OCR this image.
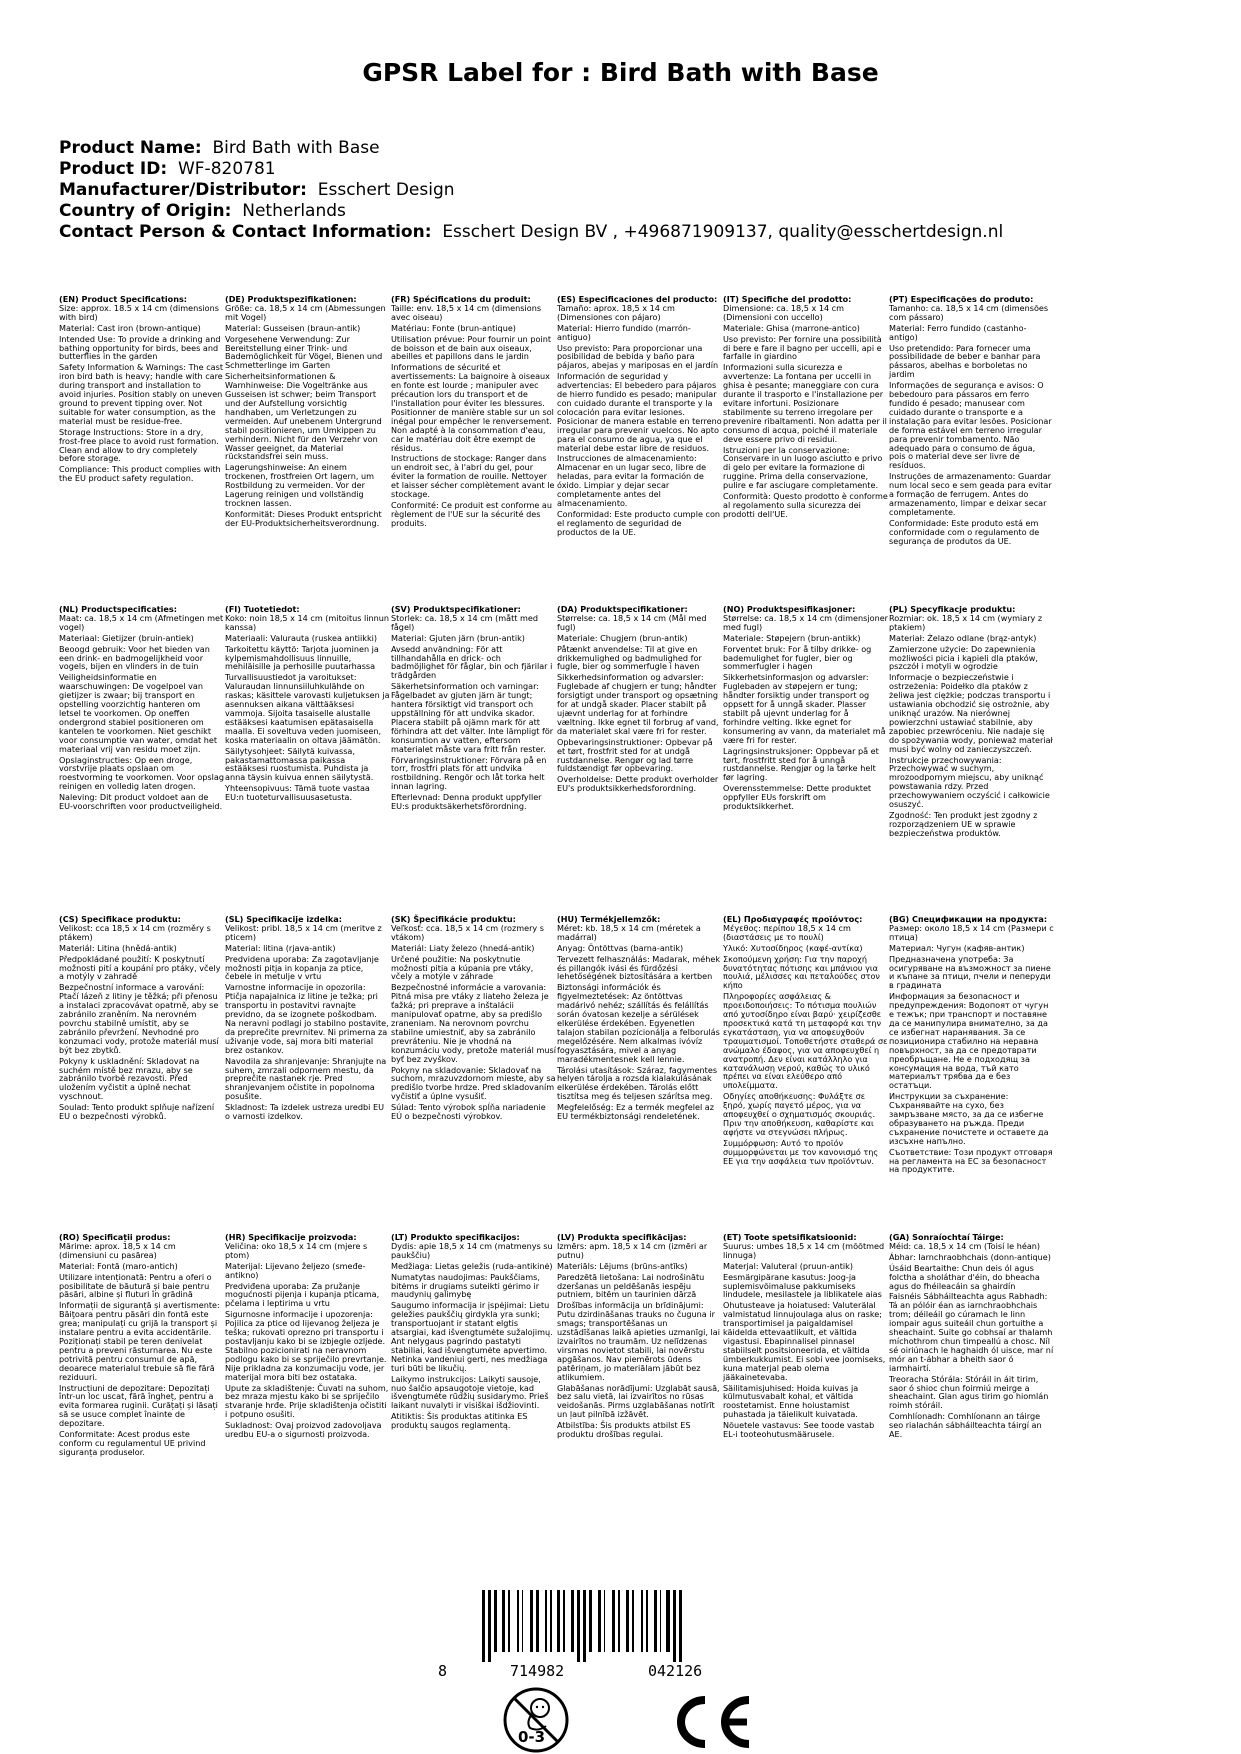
GPSR Label for : Bird Bath with Base
Product Name: Bird Bath with Base
Product ID: WF-820781
Manufacturer/Distributor: Esschert Design
Country of Origin: Netherlands
Contact Person & Contact Information: Esschert Design BV , +496871909137, quality@esschertdesign.nl
(EN) Product Specifications:
Size: approx. 18.5 x 14 cm (dimensions with bird)
Material: Cast iron (brown-antique)
Intended Use: To provide a drinking and bathing opportunity for birds, bees and butterflies in the garden
Safety Information & Warnings: The cast iron bird bath is heavy; handle with care during transport and installation to avoid injuries. Position stably on uneven ground to prevent tipping over. Not suitable for water consumption, as the material must be residue-free.
Storage Instructions: Store in a dry, frost-free place to avoid rust formation. Clean and allow to dry completely before storage.
Compliance: This product complies with the EU product safety regulation.
(DE) Produktspezifikationen:
Größe: ca. 18,5 x 14 cm (Abmessungen mit Vogel)
Material: Gusseisen (braun-antik)
Vorgesehene Verwendung: Zur Bereitstellung einer Trink- und Bademöglichkeit für Vögel, Bienen und Schmetterlinge im Garten
Sicherheitsinformationen & Warnhinweise: Die Vogeltränke aus Gusseisen ist schwer; beim Transport und der Aufstellung vorsichtig handhaben, um Verletzungen zu vermeiden. Auf unebenem Untergrund stabil positionieren, um Umkippen zu verhindern. Nicht für den Verzehr von Wasser geeignet, da Material rückstandsfrei sein muss.
Lagerungshinweise: An einem trockenen, frostfreien Ort lagern, um Rostbildung zu vermeiden. Vor der Lagerung reinigen und vollständig trocknen lassen.
Konformität: Dieses Produkt entspricht der EU-Produktsicherheitsverordnung.
(FR) Spécifications du produit:
Taille: env. 18,5 x 14 cm (dimensions avec oiseau)
Matériau: Fonte (brun-antique)
Utilisation prévue: Pour fournir un point de boisson et de bain aux oiseaux, abeilles et papillons dans le jardin
Informations de sécurité et avertissements: La baignoire à oiseaux en fonte est lourde ; manipuler avec précaution lors du transport et de l'installation pour éviter les blessures. Positionner de manière stable sur un sol inégal pour empêcher le renversement. Non adapté à la consommation d'eau, car le matériau doit être exempt de résidus.
Instructions de stockage: Ranger dans un endroit sec, à l'abri du gel, pour éviter la formation de rouille. Nettoyer et laisser sécher complètement avant le stockage.
Conformité: Ce produit est conforme au règlement de l'UE sur la sécurité des produits.
(ES) Especificaciones del producto:
Tamaño: aprox. 18,5 x 14 cm (Dimensiones con pájaro)
Material: Hierro fundido (marrón-antiguo)
Uso previsto: Para proporcionar una posibilidad de bebida y baño para pájaros, abejas y mariposas en el jardín
Información de seguridad y advertencias: El bebedero para pájaros de hierro fundido es pesado; manipular con cuidado durante el transporte y la colocación para evitar lesiones. Posicionar de manera estable en terreno irregular para prevenir vuelcos. No apto para el consumo de agua, ya que el material debe estar libre de residuos.
Instrucciones de almacenamiento: Almacenar en un lugar seco, libre de heladas, para evitar la formación de óxido. Limpiar y dejar secar completamente antes del almacenamiento.
Conformidad: Este producto cumple con el reglamento de seguridad de productos de la UE.
(IT) Specifiche del prodotto:
Dimensione: ca. 18,5 x 14 cm (Dimensioni con uccello)
Materiale: Ghisa (marrone-antico)
Uso previsto: Per fornire una possibilità di bere e fare il bagno per uccelli, api e farfalle in giardino
Informazioni sulla sicurezza e avvertenze: La fontana per uccelli in ghisa è pesante; maneggiare con cura durante il trasporto e l'installazione per evitare infortuni. Posizionare stabilmente su terreno irregolare per prevenire ribaltamenti. Non adatta per il consumo di acqua, poiché il materiale deve essere privo di residui.
Istruzioni per la conservazione: Conservare in un luogo asciutto e privo di gelo per evitare la formazione di ruggine. Prima della conservazione, pulire e far asciugare completamente.
Conformità: Questo prodotto è conforme al regolamento sulla sicurezza dei prodotti dell'UE.
(PT) Especificações do produto:
Tamanho: ca. 18,5 x 14 cm (dimensões com pássaro)
Material: Ferro fundido (castanho-antigo)
Uso pretendido: Para fornecer uma possibilidade de beber e banhar para pássaros, abelhas e borboletas no jardim
Informações de segurança e avisos: O bebedouro para pássaros em ferro fundido é pesado; manusear com cuidado durante o transporte e a instalação para evitar lesões. Posicionar de forma estável em terreno irregular para prevenir tombamento. Não adequado para o consumo de água, pois o material deve ser livre de resíduos.
Instruções de armazenamento: Guardar num local seco e sem geada para evitar a formação de ferrugem. Antes do armazenamento, limpar e deixar secar completamente.
Conformidade: Este produto está em conformidade com o regulamento de segurança de produtos da UE.
(NL) Productspecificaties:
Maat: ca. 18,5 x 14 cm (Afmetingen met vogel)
Materiaal: Gietijzer (bruin-antiek)
Beoogd gebruik: Voor het bieden van een drink- en badmogelijkheid voor vogels, bijen en vlinders in de tuin
Veiligheidsinformatie en waarschuwingen: De vogelpoel van gietijzer is zwaar; bij transport en opstelling voorzichtig hanteren om letsel te voorkomen. Op oneffen ondergrond stabiel positioneren om kantelen te voorkomen. Niet geschikt voor consumptie van water, omdat het materiaal vrij van residu moet zijn.
Opslaginstructies: Op een droge, vorstvrije plaats opslaan om roestvorming te voorkomen. Voor opslag reinigen en volledig laten drogen.
Naleving: Dit product voldoet aan de EU-voorschriften voor productveiligheid.
(FI) Tuotetiedot:
Koko: noin 18,5 x 14 cm (mitoitus linnun kanssa)
Materiaali: Valurauta (ruskea antiikki)
Tarkoitettu käyttö: Tarjota juominen ja kylpemismahdollisuus linnuille, mehiläisille ja perhosille puutarhassa
Turvallisuustiedot ja varoitukset: Valuraudan linnunsiiluhkulähde on raskas; käsittele varovasti kuljetuksen ja asennuksen aikana välttääksesi vammoja. Sijoita tasaiselle alustalle estääksesi kaatumisen epätasaisella maalla. Ei soveltuva veden juomiseen, koska materiaalin on oltava jäämätön.
Säilytysohjeet: Säilytä kuivassa, pakastamattomassa paikassa estääksesi ruostumista. Puhdista ja anna täysin kuivua ennen säilytystä.
Yhteensopivuus: Tämä tuote vastaa EU:n tuoteturvallisuusasetusta.
(SV) Produktspecifikationer:
Storlek: ca. 18,5 x 14 cm (mått med fågel)
Material: Gjuten järn (brun-antik)
Avsedd användning: För att tillhandahålla en drick- och badmöjlighet för fåglar, bin och fjärilar i trädgården
Säkerhetsinformation och varningar: Fågelbadet av gjuten järn är tungt; hantera försiktigt vid transport och uppställning för att undvika skador. Placera stabilt på ojämn mark för att förhindra att det välter. Inte lämpligt för konsumtion av vatten, eftersom materialet måste vara fritt från rester.
Förvaringsinstruktioner: Förvara på en torr, frostfri plats för att undvika rostbildning. Rengör och låt torka helt innan lagring.
Efterlevnad: Denna produkt uppfyller EU:s produktsäkerhetsförordning.
(DA) Produktspecifikationer:
Størrelse: ca. 18,5 x 14 cm (Mål med fugl)
Materiale: Chugjern (brun-antik)
Påtænkt anvendelse: Til at give en drikkemulighed og badmulighed for fugle, bier og sommerfugle i haven
Sikkerhedsinformation og advarsler: Fuglebade af chugjern er tung; håndter forsigtigt under transport og opsætning for at undgå skader. Placer stabilt på ujævnt underlag for at forhindre væltning. Ikke egnet til forbrug af vand, da materialet skal være fri for rester.
Opbevaringsinstruktioner: Opbevar på et tørt, frostfrit sted for at undgå rustdannelse. Rengør og lad tørre fuldstændigt før opbevaring.
Overholdelse: Dette produkt overholder EU's produktsikkerhedsforordning.
(NO) Produktspesifikasjoner:
Størrelse: ca. 18,5 x 14 cm (dimensjoner med fugl)
Materiale: Støpejern (brun-antikk)
Forventet bruk: For å tilby drikke- og bademulighet for fugler, bier og sommerfugler i hagen
Sikkerhetsinformasjon og advarsler: Fuglebaden av støpejern er tung; håndter forsiktig under transport og oppsett for å unngå skader. Plasser stabilt på ujevnt underlag for å forhindre velting. Ikke egnet for konsumering av vann, da materialet må være fri for rester.
Lagringsinstruksjoner: Oppbevar på et tørt, frostfritt sted for å unngå rustdannelse. Rengjør og la tørke helt før lagring.
Overensstemmelse: Dette produktet oppfyller EUs forskrift om produktsikkerhet.
(PL) Specyfikacje produktu:
Rozmiar: ok. 18,5 x 14 cm (wymiary z ptakiem)
Materiał: Żelazo odlane (brąz-antyk)
Zamierzone użycie: Do zapewnienia możliwości picia i kąpieli dla ptaków, pszczół i motyli w ogrodzie
Informacje o bezpieczeństwie i ostrzeżenia: Poidełko dla ptaków z żeliwa jest ciężkie; podczas transportu i ustawiania obchodzić się ostrożnie, aby uniknąć urazów. Na nierównej powierzchni ustawiać stabilnie, aby zapobiec przewróceniu. Nie nadaje się do spożywania wody, ponieważ materiał musi być wolny od zanieczyszczeń.
Instrukcje przechowywania: Przechowywać w suchym, mrozoodpornym miejscu, aby uniknąć powstawania rdzy. Przed przechowywaniem oczyścić i całkowicie osuszyć.
Zgodność: Ten produkt jest zgodny z rozporządzeniem UE w sprawie bezpieczeństwa produktów.
(CS) Specifikace produktu:
Velikost: cca 18,5 x 14 cm (rozměry s ptákem)
Materiál: Litina (hnědá-antik)
Předpokládané použití: K poskytnutí možnosti pití a koupání pro ptáky, včely a motýly v zahradě
Bezpečnostní informace a varování: Ptačí lázeň z litiny je těžká; při přenosu a instalaci zpracovávat opatrně, aby se zabránilo zraněním. Na nerovném povrchu stabilně umístit, aby se zabránilo převržení. Nevhodné pro konzumaci vody, protože materiál musí být bez zbytků.
Pokyny k uskladnění: Skladovat na suchém místě bez mrazu, aby se zabránilo tvorbě rezavosti. Před uložením vyčistit a úplně nechat vyschnout.
Soulad: Tento produkt splňuje nařízení EU o bezpečnosti výrobků.
(SL) Specifikacije izdelka:
Velikost: pribl. 18,5 x 14 cm (meritve z pticem)
Material: litina (rjava-antik)
Predvidena uporaba: Za zagotavljanje možnosti pitja in kopanja za ptice, čebele in metulje v vrtu
Varnostne informacije in opozorila: Ptičja napajalnica iz litine je težka; pri transportu in postavitvi ravnajte previdno, da se izognete poškodbam. Na neravni podlagi jo stabilno postavite, da preprečite prevrnitev. Ni primerna za uživanje vode, saj mora biti material brez ostankov.
Navodila za shranjevanje: Shranjujte na suhem, zmrzali odpornem mestu, da preprečite nastanek rje. Pred shranjevanjem očistite in popolnoma posušite.
Skladnost: Ta izdelek ustreza uredbi EU o varnosti izdelkov.
(SK) Špecifikácie produktu:
Veľkosť: cca. 18,5 x 14 cm (rozmery s vtákom)
Materiál: Liaty železo (hnedá-antik)
Určené použitie: Na poskytnutie možnosti pitia a kúpania pre vtáky, včely a motýle v záhrade
Bezpečnostné informácie a varovania: Pitná misa pre vtáky z liateho železa je ťažká; pri preprave a inštalácii manipulovať opatrne, aby sa predišlo zraneniam. Na nerovnom povrchu stabilne umiestniť, aby sa zabránilo prevráteniu. Nie je vhodná na konzumáciu vody, pretože materiál musí byť bez zvyškov.
Pokyny na skladovanie: Skladovať na suchom, mrazuvzdornom mieste, aby sa predišlo tvorbe hrdze. Pred skladovaním vyčistiť a úplne vysušiť.
Súlad: Tento výrobok spĺňa nariadenie EÚ o bezpečnosti výrobkov.
(HU) Termékjellemzők:
Méret: kb. 18,5 x 14 cm (méretek a madárral)
Anyag: Öntöttvas (barna-antik)
Tervezett felhasználás: Madarak, méhek és pillangók ivási és fürdőzési lehetőségének biztosítására a kertben
Biztonsági információk és figyelmeztetések: Az öntöttvas madárivó nehéz; szállítás és felállítás során óvatosan kezelje a sérülések elkerülése érdekében. Egyenetlen talajon stabilan pozícionálja a felborulás megelőzésére. Nem alkalmas ivóvíz fogyasztására, mivel a anyag maradékmentesnek kell lennie.
Tárolási utasítások: Száraz, fagymentes helyen tárolja a rozsda kialakulásának elkerülése érdekében. Tárolás előtt tisztítsa meg és teljesen szárítsa meg.
Megfelelőség: Ez a termék megfelel az EU termékbiztonsági rendeletének.
(EL) Προδιαγραφές προϊόντος:
Μέγεθος: περίπου 18,5 x 14 cm (διαστάσεις με το πουλί)
Υλικό: Χυτοσίδηρος (καφέ-αντίκα)
Σκοπούμενη χρήση: Για την παροχή δυνατότητας πότισης και μπάνιου για πουλιά, μέλισσες και πεταλούδες στον κήπο
Πληροφορίες ασφάλειας & προειδοποιήσεις: Το πότισμα πουλιών από χυτοσίδηρο είναι βαρύ· χειρίζεσθε προσεκτικά κατά τη μεταφορά και την εγκατάσταση, για να αποφευχθούν τραυματισμοί. Τοποθετήστε σταθερά σε ανώμαλο έδαφος, για να αποφευχθεί η ανατροπή. Δεν είναι κατάλληλο για κατανάλωση νερού, καθώς το υλικό πρέπει να είναι ελεύθερο από υπολείμματα.
Οδηγίες αποθήκευσης: Φυλάξτε σε ξηρό, χωρίς παγετό μέρος, για να αποφευχθεί ο σχηματισμός σκουριάς. Πριν την αποθήκευση, καθαρίστε και αφήστε να στεγνώσει πλήρως.
Συμμόρφωση: Αυτό το προϊόν συμμορφώνεται με τον κανονισμό της ΕΕ για την ασφάλεια των προϊόντων.
(BG) Спецификации на продукта:
Размер: около 18,5 x 14 cm (Размери с птица)
Материал: Чугун (кафяв-антик)
Предназначена употреба: За осигуряване на възможност за пиене и къпане за птици, пчели и пеперуди в градината
Информация за безопасност и предупреждения: Водопоят от чугун е тежък; при транспорт и поставяне да се манипулира внимателно, за да се избегнат наранявания. За се позиционира стабилно на неравна повърхност, за да се предотврати преобръщане. Не е подходящ за консумация на вода, тъй като материалът трябва да е без остатъци.
Инструкции за съхранение: Съхранявайте на сухо, без замръзване място, за да се избегне образуването на ръжда. Преди съхранение почистете и оставете да изсъхне напълно.
Съответствие: Този продукт отговаря на регламента на ЕС за безопасност на продуктите.
(RO) Specificații produs:
Mărime: aprox. 18,5 x 14 cm (dimensiuni cu pasărea)
Material: Fontă (maro-antich)
Utilizare intenționată: Pentru a oferi o posibilitate de băutură și baie pentru păsări, albine și fluturi în grădină
Informații de siguranță și avertismente: Băiţoara pentru păsări din fontă este grea; manipulați cu grijă la transport și instalare pentru a evita accidentările. Poziționați stabil pe teren denivelat pentru a preveni răsturnarea. Nu este potrivită pentru consumul de apă, deoarece materialul trebuie să fie fără reziduuri.
Instrucțiuni de depozitare: Depozitați într-un loc uscat, fără îngheț, pentru a evita formarea ruginii. Curățați și lăsați să se usuce complet înainte de depozitare.
Conformitate: Acest produs este conform cu regulamentul UE privind siguranța produselor.
(HR) Specifikacije proizvoda:
Veličina: oko 18,5 x 14 cm (mjere s ptom)
Materijal: Lijevano željezo (smeđe-antikno)
Predviđena uporaba: Za pružanje mogućnosti pijenja i kupanja pticama, pčelama i leptirima u vrtu
Sigurnosne informacije i upozorenja: Pojilica za ptice od lijevanog željeza je teška; rukovati oprezno pri transportu i postavljanju kako bi se izbjegle ozljede. Stabilno pozicionirati na neravnom podlogu kako bi se spriječilo prevrtanje. Nije prikladna za konzumaciju vode, jer materijal mora biti bez ostataka.
Upute za skladištenje: Čuvati na suhom, bez mraza mjestu kako bi se spriječilo stvaranje hrđe. Prije skladištenja očistiti i potpuno osušiti.
Sukladnost: Ovaj proizvod zadovoljava uredbu EU-a o sigurnosti proizvoda.
(LT) Produkto specifikacijos:
Dydis: apie 18,5 x 14 cm (matmenys su paukščiu)
Medžiaga: Lietas geležis (ruda-antikinė)
Numatytas naudojimas: Paukščiams, bitėms ir drugiams suteikti gėrimo ir maudynių galimybę
Saugumo informacija ir įspėjimai: Lietu geležies paukščių girdykla yra sunki; transportuojant ir statant elgtis atsargiai, kad išvengtumėte sužalojimų. Ant nelygaus pagrindo pastatyti stabiliai, kad išvengtumėte apvertimo. Netinka vandeniui gerti, nes medžiaga turi būti be likučių.
Laikymo instrukcijos: Laikyti sausoje, nuo šalčio apsaugotoje vietoje, kad išvengtumėte rūdžių susidarymo. Prieš laikant nuvalyti ir visiškai išdžiovinti.
Atitiktis: Šis produktas atitinka ES produktų saugos reglamentą.
(LV) Produkta specifikācijas:
Izmērs: apm. 18,5 x 14 cm (izmēri ar putnu)
Materiāls: Lējums (brūns-antīks)
Paredzētā lietošana: Lai nodrošinātu dzeršanas un peldēšanās iespēju putniem, bitēm un taurinien dārzā
Drošības informācija un brīdinājumi: Putu dzirdināšanas trauks no čuguna ir smags; transportēšanas un uzstādīšanas laikā apieties uzmanīgi, lai izvairītos no traumām. Uz nelīdzenas virsmas novietot stabili, lai novērstu apgāšanos. Nav piemērots ūdens patēriņam, jo materiālam jābūt bez atlikumiem.
Glabāšanas norādījumi: Uzglabāt sausā, bez salu vietā, lai izvairītos no rūsas veidošanās. Pirms uzglabāšanas notīrīt un ļaut pilnībā izžāvēt.
Atbilstība: Šis produkts atbilst ES produktu drošības regulai.
(ET) Toote spetsifikatsioonid:
Suurus: umbes 18,5 x 14 cm (mõõtmed linnuga)
Materjal: Valuteral (pruun-antik)
Eesmärgipärane kasutus: Joog-ja suplemisvõimaluse pakkumiseks lindudele, mesilastele ja liblikatele aias
Ohutusteave ja hoiatused: Valuterälal valmistatud linnujoulaga alus on raske; transportimisel ja paigaldamisel käidelda ettevaatlikult, et vältida vigastusi. Ebapinnalisel pinnasel stabiilselt positsioneerida, et vältida ümberkukkumist. Ei sobi vee joomiseks, kuna materjal peab olema jääkainetevaba.
Säilitamisjuhised: Hoida kuivas ja külmutusvabalt kohal, et vältida roostetamist. Enne hoiustamist puhastada ja täielikult kuivatada.
Nõuetele vastavus: See toode vastab EL-i tooteohutusmäärusele.
(GA) Sonraíochtaí Táirge:
Méid: ca. 18,5 x 14 cm (Toisí le héan)
Ábhar: Iarnchraobhchais (donn-antique)
Úsáid Beartaithe: Chun deis ól agus folctha a sholáthar d'éin, do bheacha agus do fhéileacáin sa ghairdín
Faisnéis Sábháilteachta agus Rabhadh: Tá an pólóir éan as iarnchraobhchais trom; déileáil go cúramach le linn iompair agus suiteáil chun gortuithe a sheachaint. Suite go cobhsaí ar thalamh míchothrom chun timpeallú a chosc. Níl sé oiriúnach le haghaidh ól uisce, mar ní mór an t-ábhar a bheith saor ó iarmhairtí.
Treoracha Stórála: Stóráil in áit tirim, saor ó shioc chun foirmiú meirge a sheachaint. Glan agus tirim go hiomlán roimh stóráil.
Comhlíonadh: Comhlíonann an táirge seo rialachán sábháilteachta táirgí an AE.
8	714982	042126
0-3
